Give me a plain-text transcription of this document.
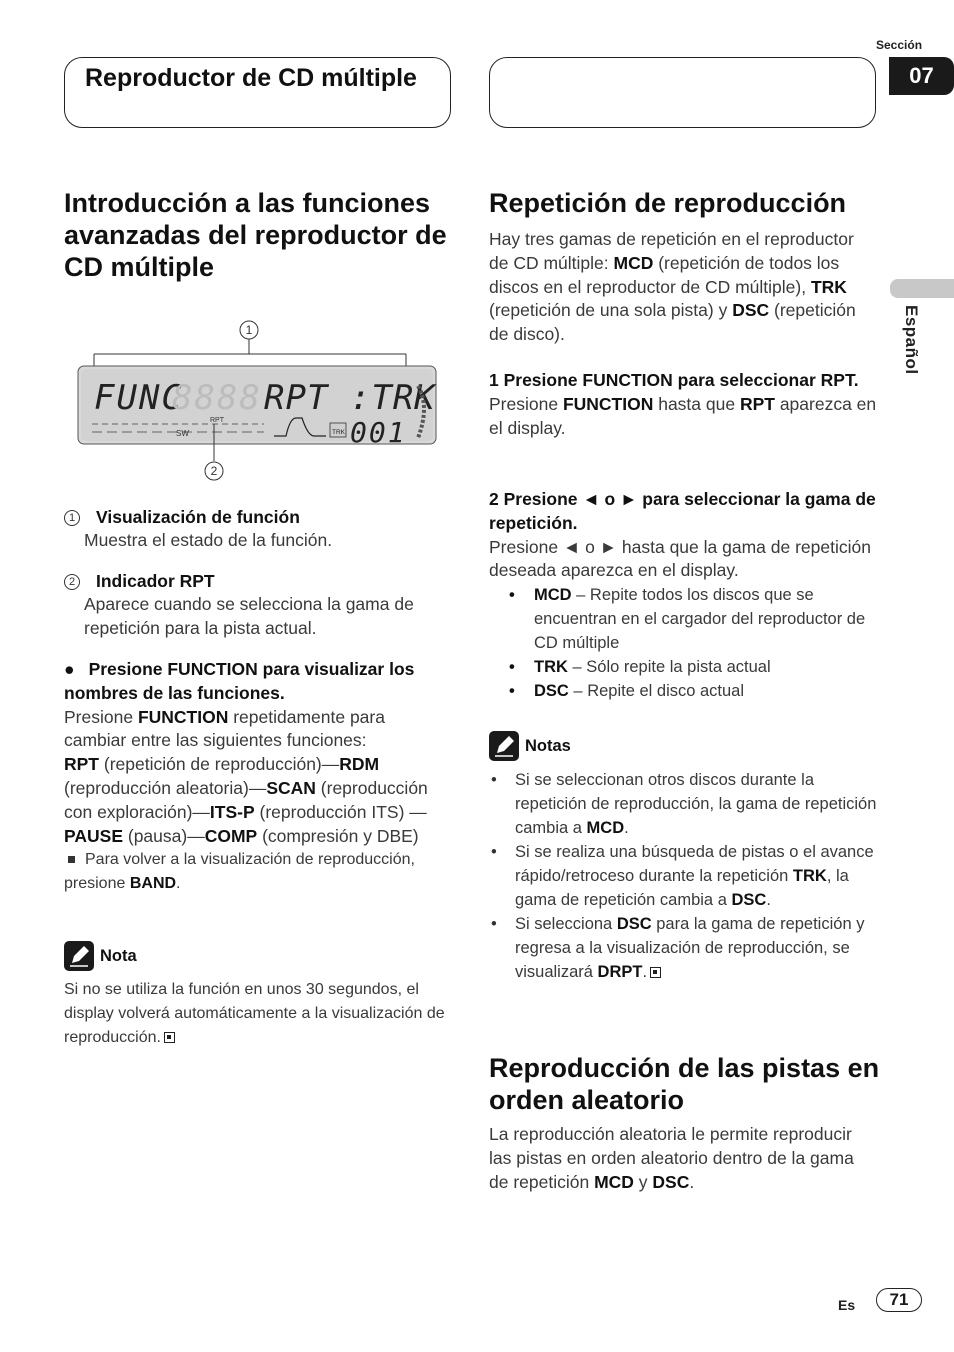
Reproductor de CD múltiple
Sección
07
Español
Introducción a las funciones avanzadas del reproductor de CD múltiple
1
FUNC
8888 RPT :TRK
SW
RPT
TRK 001
2
1 Visualización de función

Muestra el estado de la función.

2 Indicador RPT

Aparece cuando se selecciona la gama de repetición para la pista actual.

● Presione FUNCTION para visualizar los nombres de las funciones.

Presione FUNCTION repetidamente para cambiar entre las siguientes funciones:
RPT (repetición de reproducción)—RDM (reproducción aleatoria)—SCAN (reproducción con exploración)—ITS-P (reproducción ITS) —PAUSE (pausa)—COMP (compresión y DBE)

Para volver a la visualización de reproducción, presione BAND.

Nota

Si no se utiliza la función en unos 30 segundos, el display volverá automáticamente a la visualización de reproducción.

Repetición de reproducción

Hay tres gamas de repetición en el reproductor de CD múltiple: MCD (repetición de todos los discos en el reproductor de CD múltiple), TRK (repetición de una sola pista) y DSC (repetición de disco).

1 Presione FUNCTION para seleccionar RPT.

Presione FUNCTION hasta que RPT aparezca en el display.

2 Presione ◄ o ► para seleccionar la gama de repetición.

Presione ◄ o ► hasta que la gama de repetición deseada aparezca en el display.

• MCD – Repite todos los discos que se encuentran en el cargador del reproductor de CD múltiple
• TRK – Sólo repite la pista actual
• DSC – Repite el disco actual
Notas
• Si se seleccionan otros discos durante la repetición de reproducción, la gama de repetición cambia a MCD.
• Si se realiza una búsqueda de pistas o el avance rápido/retroceso durante la repetición TRK, la gama de repetición cambia a DSC.
• Si selecciona DSC para la gama de repetición y regresa a la visualización de reproducción, se visualizará DRPT.
Reproducción de las pistas en orden aleatorio

La reproducción aleatoria le permite reproducir las pistas en orden aleatorio dentro de la gama de repetición MCD y DSC.

Es	71
